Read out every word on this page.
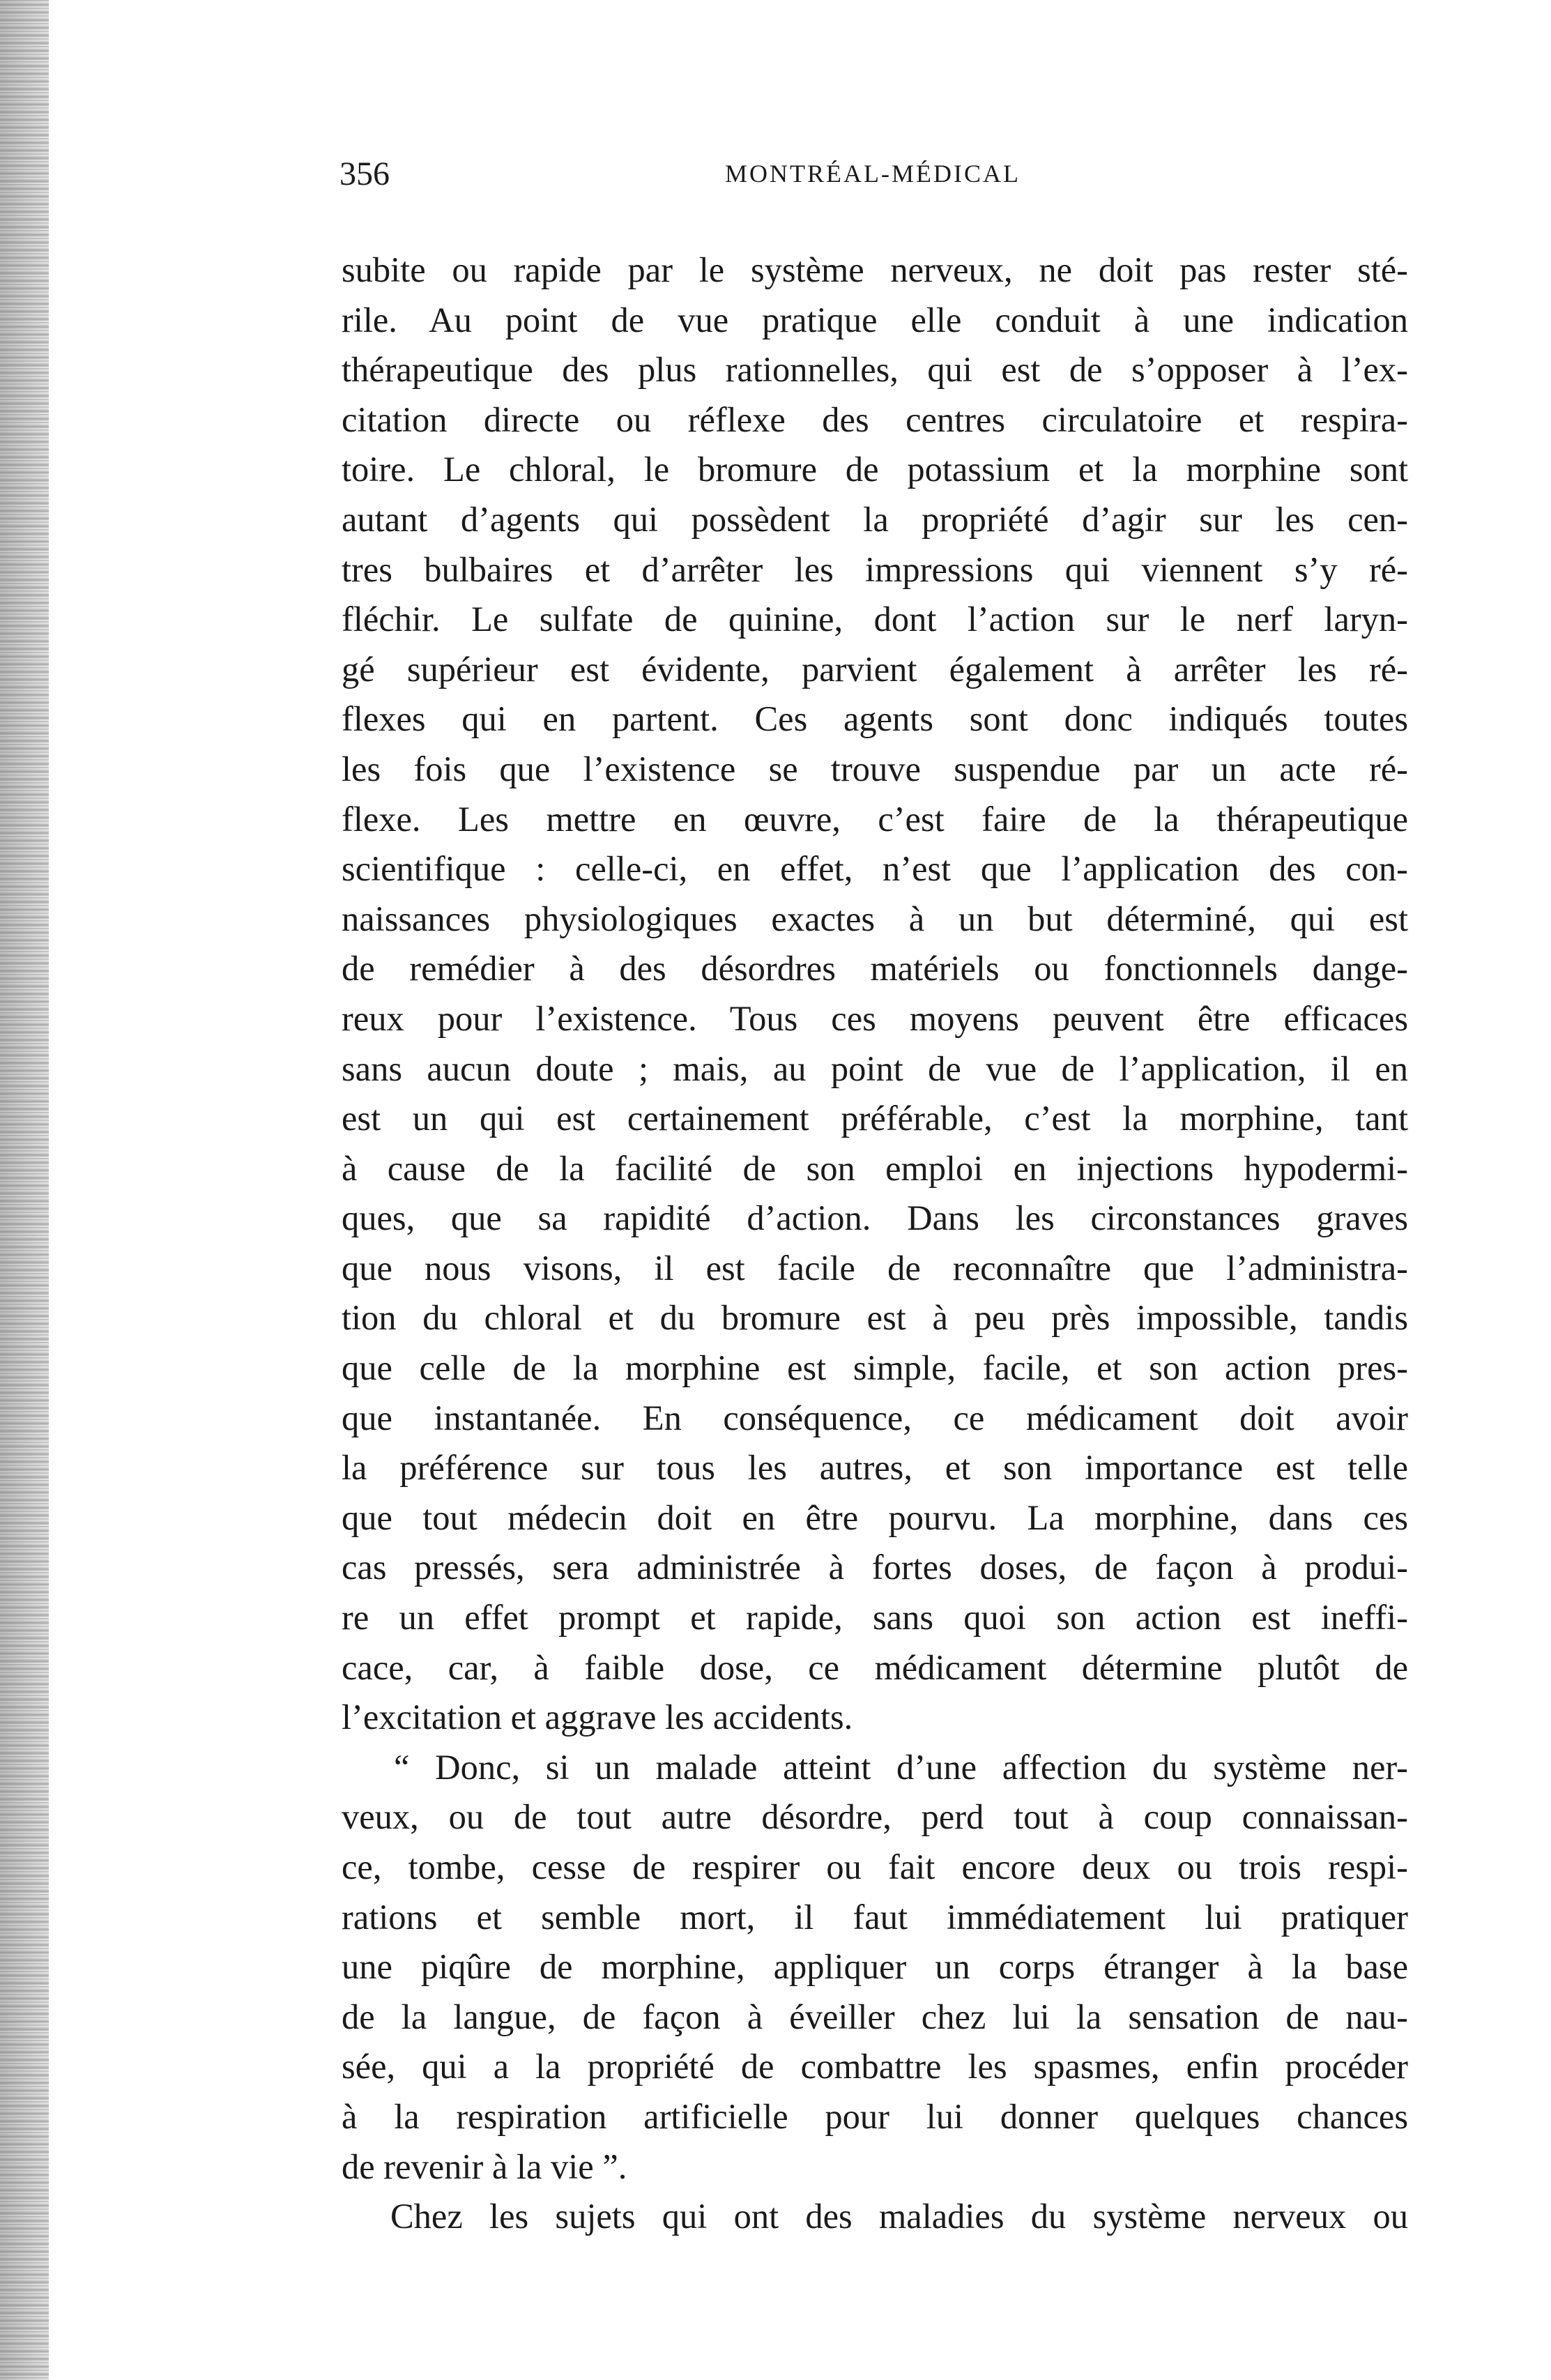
356	MONTRÉAL-MÉDICAL
subite ou rapide par le système nerveux, ne doit pas rester sté-
rile. Au point de vue pratique elle conduit à une indication
thérapeutique des plus rationnelles, qui est de s’opposer à l’ex-
citation directe ou réflexe des centres circulatoire et respira-
toire. Le chloral, le bromure de potassium et la morphine sont
autant d’agents qui possèdent la propriété d’agir sur les cen-
tres bulbaires et d’arrêter les impressions qui viennent s’y ré-
fléchir. Le sulfate de quinine, dont l’action sur le nerf laryn-
gé supérieur est évidente, parvient également à arrêter les ré-
flexes qui en partent. Ces agents sont donc indiqués toutes
les fois que l’existence se trouve suspendue par un acte ré-
flexe. Les mettre en œuvre, c’est faire de la thérapeutique
scientifique : celle-ci, en effet, n’est que l’application des con-
naissances physiologiques exactes à un but déterminé, qui est
de remédier à des désordres matériels ou fonctionnels dange-
reux pour l’existence. Tous ces moyens peuvent être efficaces
sans aucun doute ; mais, au point de vue de l’application, il en
est un qui est certainement préférable, c’est la morphine, tant
à cause de la facilité de son emploi en injections hypodermi-
ques, que sa rapidité d’action. Dans les circonstances graves
que nous visons, il est facile de reconnaître que l’administra-
tion du chloral et du bromure est à peu près impossible, tandis
que celle de la morphine est simple, facile, et son action pres-
que instantanée. En conséquence, ce médicament doit avoir
la préférence sur tous les autres, et son importance est telle
que tout médecin doit en être pourvu. La morphine, dans ces
cas pressés, sera administrée à fortes doses, de façon à produi-
re un effet prompt et rapide, sans quoi son action est ineffi-
cace, car, à faible dose, ce médicament détermine plutôt de
l’excitation et aggrave les accidents.
“ Donc, si un malade atteint d’une affection du système ner-
veux, ou de tout autre désordre, perd tout à coup connaissan-
ce, tombe, cesse de respirer ou fait encore deux ou trois respi-
rations et semble mort, il faut immédiatement lui pratiquer
une piqûre de morphine, appliquer un corps étranger à la base
de la langue, de façon à éveiller chez lui la sensation de nau-
sée, qui a la propriété de combattre les spasmes, enfin procéder
à la respiration artificielle pour lui donner quelques chances
de revenir à la vie ”.
Chez les sujets qui ont des maladies du système nerveux ou
